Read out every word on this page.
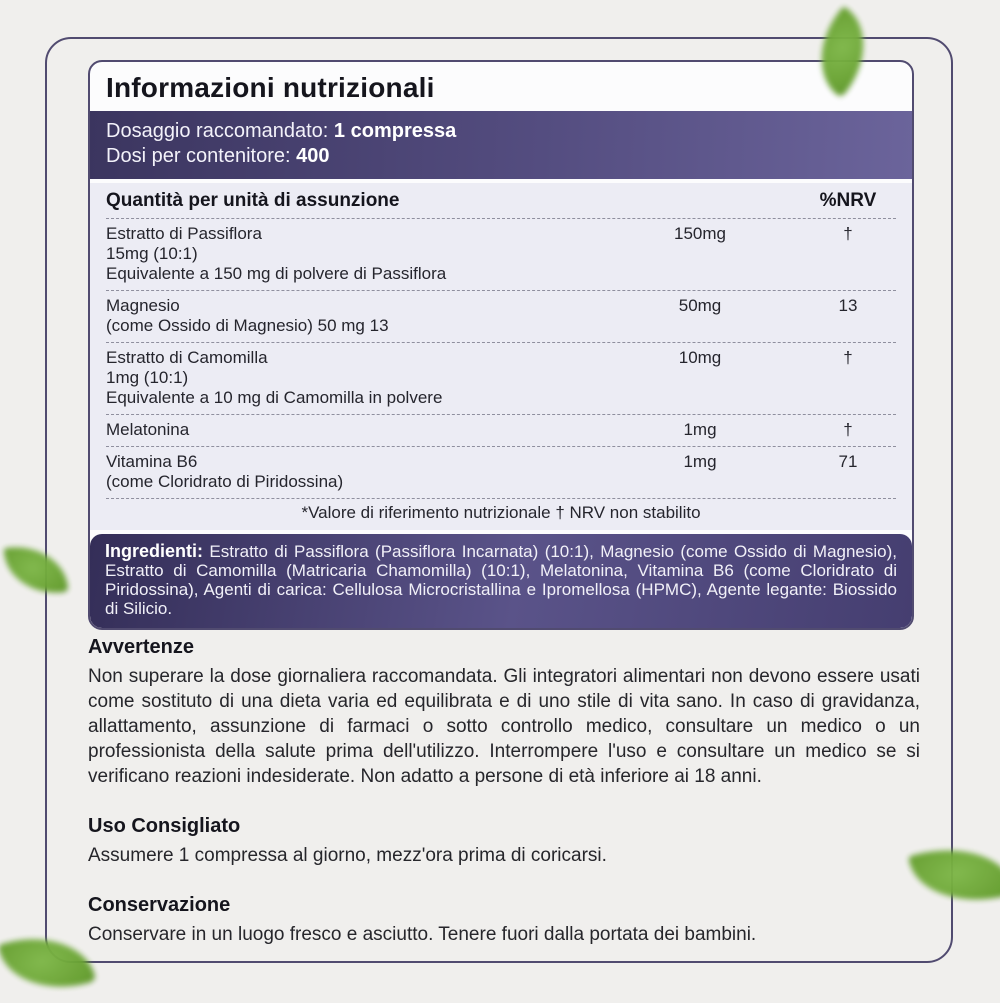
Informazioni nutrizionali
Dosaggio raccomandato: 1 compressa
Dosi per contenitore: 400
Quantità per unità di assunzione	%NRV
Estratto di Passiflora
15mg (10:1)
Equivalente a 150 mg di polvere di Passiflora
150mg	†
Magnesio
(come Ossido di Magnesio) 50 mg 13
50mg	13
Estratto di Camomilla
1mg (10:1)
Equivalente a 10 mg di Camomilla in polvere
10mg	†
Melatonina	1mg	†
Vitamina B6
(come Cloridrato di Piridossina)
1mg	71
*Valore di riferimento nutrizionale † NRV non stabilito
Ingredienti: Estratto di Passiflora (Passiflora Incarnata) (10:1), Magnesio (come Ossido di Magnesio), Estratto di Camomilla (Matricaria Chamomilla) (10:1), Melatonina, Vitamina B6 (come Cloridrato di Piridossina), Agenti di carica: Cellulosa Microcristallina e Ipromellosa (HPMC), Agente legante: Biossido di Silicio.
Avvertenze

Non superare la dose giornaliera raccomandata. Gli integratori alimentari non devono essere usati come sostituto di una dieta varia ed equilibrata e di uno stile di vita sano. In caso di gravidanza, allattamento, assunzione di farmaci o sotto controllo medico, consultare un medico o un professionista della salute prima dell'utilizzo. Interrompere l'uso e consultare un medico se si verificano reazioni indesiderate. Non adatto a persone di età inferiore ai 18 anni.

Uso Consigliato

Assumere 1 compressa al giorno, mezz'ora prima di coricarsi.

Conservazione

Conservare in un luogo fresco e asciutto. Tenere fuori dalla portata dei bambini.
